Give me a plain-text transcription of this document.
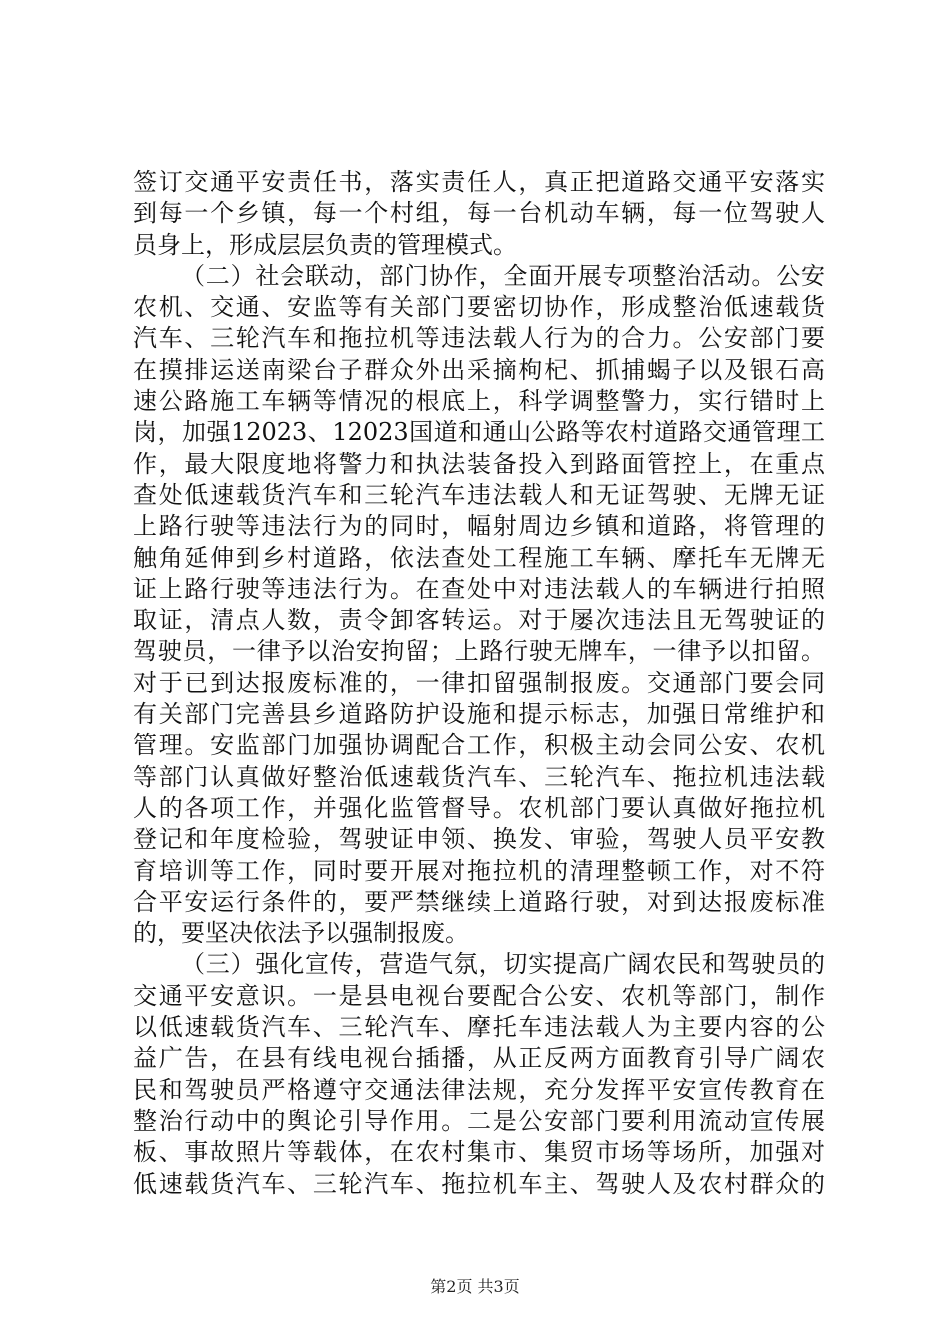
签订交通平安责任书，落实责任人，真正把道路交通平安落实
到每一个乡镇，每一个村组，每一台机动车辆，每一位驾驶人
员身上，形成层层负责的管理模式。
（二）社会联动，部门协作，全面开展专项整治活动。公安
农机、交通、安监等有关部门要密切协作，形成整治低速载货
汽车、三轮汽车和拖拉机等违法载人行为的合力。公安部门要
在摸排运送南梁台子群众外出采摘枸杞、抓捕蝎子以及银石高
速公路施工车辆等情况的根底上，科学调整警力，实行错时上
岗，加强12023、12023国道和通山公路等农村道路交通管理工
作，最大限度地将警力和执法装备投入到路面管控上，在重点
查处低速载货汽车和三轮汽车违法载人和无证驾驶、无牌无证
上路行驶等违法行为的同时，幅射周边乡镇和道路，将管理的
触角延伸到乡村道路，依法查处工程施工车辆、摩托车无牌无
证上路行驶等违法行为。在查处中对违法载人的车辆进行拍照
取证，清点人数，责令卸客转运。对于屡次违法且无驾驶证的
驾驶员，一律予以治安拘留；上路行驶无牌车，一律予以扣留。
对于已到达报废标准的，一律扣留强制报废。交通部门要会同
有关部门完善县乡道路防护设施和提示标志，加强日常维护和
管理。安监部门加强协调配合工作，积极主动会同公安、农机
等部门认真做好整治低速载货汽车、三轮汽车、拖拉机违法载
人的各项工作，并强化监管督导。农机部门要认真做好拖拉机
登记和年度检验，驾驶证申领、换发、审验，驾驶人员平安教
育培训等工作，同时要开展对拖拉机的清理整顿工作，对不符
合平安运行条件的，要严禁继续上道路行驶，对到达报废标准
的，要坚决依法予以强制报废。
（三）强化宣传，营造气氛，切实提高广阔农民和驾驶员的
交通平安意识。一是县电视台要配合公安、农机等部门，制作
以低速载货汽车、三轮汽车、摩托车违法载人为主要内容的公
益广告，在县有线电视台插播，从正反两方面教育引导广阔农
民和驾驶员严格遵守交通法律法规，充分发挥平安宣传教育在
整治行动中的舆论引导作用。二是公安部门要利用流动宣传展
板、事故照片等载体，在农村集市、集贸市场等场所，加强对
低速载货汽车、三轮汽车、拖拉机车主、驾驶人及农村群众的
第2页 共3页
